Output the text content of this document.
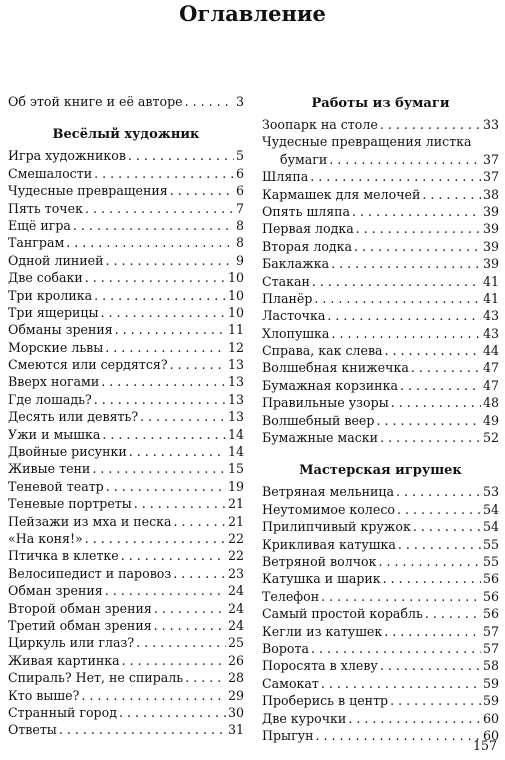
Оглавление
Об этой книге и её авторе . . .	3
Весёлый художник
Игра художников . . .	5
Смешалости . . .	6
Чудесные превращения . . .	6
Пять точек . . .	7
Ещё игра . . .	8
Танграм . . .	8
Одной линией . . .	9
Две собаки . . .	10
Три кролика . . .	10
Три ящерицы . . .	10
Обманы зрения . . .	11
Морские львы . . .	12
Смеются или сердятся? . . .	13
Вверх ногами . . .	13
Где лошадь? . . .	13
Десять или девять? . . .	13
Ужи и мышка . . .	14
Двойные рисунки . . .	14
Живые тени . . .	15
Теневой театр . . .	19
Теневые портреты . . .	21
Пейзажи из мха и песка . . .	21
«На коня!» . . .	22
Птичка в клетке . . .	22
Велосипедист и паровоз . . .	23
Обман зрения . . .	24
Второй обман зрения . . .	24
Третий обман зрения . . .	24
Циркуль или глаз? . . .	25
Живая картинка . . .	26
Спираль? Нет, не спираль . . .	28
Кто выше? . . .	29
Странный город . . .	30
Ответы . . .	31
Работы из бумаги
Зоопарк на столе . . .	33
Чудесные превращения листка
бумаги . . .	37
Шляпа . . .	37
Кармашек для мелочей . . .	38
Опять шляпа . . .	39
Первая лодка . . .	39
Вторая лодка . . .	39
Баклажка . . .	39
Стакан . . .	41
Планёр . . .	41
Ласточка . . .	43
Хлопушка . . .	43
Справа, как слева . . .	44
Волшебная книжечка . . .	47
Бумажная корзинка . . .	47
Правильные узоры . . .	48
Волшебный веер . . .	49
Бумажные маски . . .	52
Мастерская игрушек
Ветряная мельница . . .	53
Неутомимое колесо . . .	54
Прилипчивый кружок . . .	54
Крикливая катушка . . .	55
Ветряной волчок . . .	55
Катушка и шарик . . .	56
Телефон . . .	56
Самый простой корабль . . .	56
Кегли из катушек . . .	57
Ворота . . .	57
Поросята в хлеву . . .	58
Самокат . . .	59
Проберись в центр . . .	59
Две курочки . . .	60
Прыгун . . .	60
157
